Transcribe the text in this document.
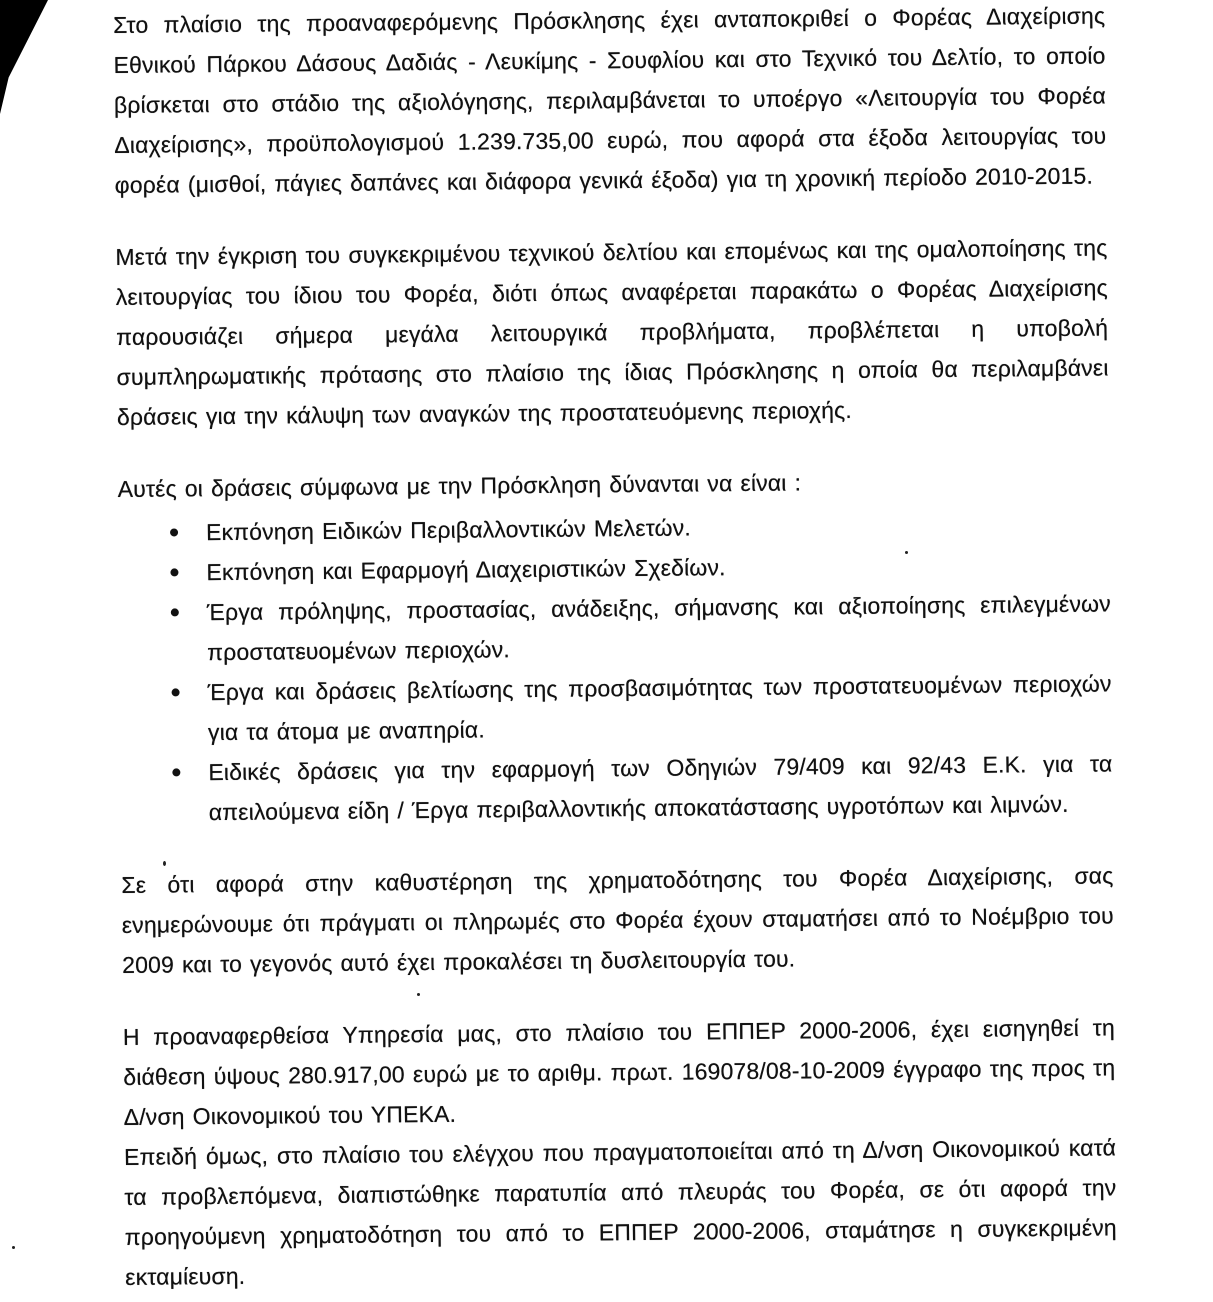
Στο πλαίσιο της προαναφερόμενης Πρόσκλησης έχει ανταποκριθεί ο Φορέας Διαχείρισης Εθνικού Πάρκου Δάσους Δαδιάς - Λευκίμης - Σουφλίου και στο Τεχνικό του Δελτίο, το οποίο βρίσκεται στο στάδιο της αξιολόγησης, περιλαμβάνεται το υποέργο «Λειτουργία του Φορέα Διαχείρισης», προϋπολογισμού 1.239.735,00 ευρώ, που αφορά στα έξοδα λειτουργίας του φορέα (μισθοί, πάγιες δαπάνες και διάφορα γενικά έξοδα) για τη χρονική περίοδο 2010-2015.

Μετά την έγκριση του συγκεκριμένου τεχνικού δελτίου και επομένως και της ομαλοποίησης της λειτουργίας του ίδιου του Φορέα, διότι όπως αναφέρεται παρακάτω ο Φορέας Διαχείρισης παρουσιάζει σήμερα μεγάλα λειτουργικά προβλήματα, προβλέπεται η υποβολή συμπληρωματικής πρότασης στο πλαίσιο της ίδιας Πρόσκλησης η οποία θα περιλαμβάνει δράσεις για την κάλυψη των αναγκών της προστατευόμενης περιοχής.

Αυτές οι δράσεις σύμφωνα με την Πρόσκληση δύνανται να είναι :

Εκπόνηση Ειδικών Περιβαλλοντικών Μελετών.
Εκπόνηση και Εφαρμογή Διαχειριστικών Σχεδίων.
Έργα πρόληψης, προστασίας, ανάδειξης, σήμανσης και αξιοποίησης επιλεγμένων προστατευομένων περιοχών.
Έργα και δράσεις βελτίωσης της προσβασιμότητας των προστατευομένων περιοχών για τα άτομα με αναπηρία.
Ειδικές δράσεις για την εφαρμογή των Οδηγιών 79/409 και 92/43 Ε.Κ. για τα απειλούμενα είδη / Έργα περιβαλλοντικής αποκατάστασης υγροτόπων και λιμνών.

Σε ότι αφορά στην καθυστέρηση της χρηματοδότησης του Φορέα Διαχείρισης, σας ενημερώνουμε ότι πράγματι οι πληρωμές στο Φορέα έχουν σταματήσει από το Νοέμβριο του 2009 και το γεγονός αυτό έχει προκαλέσει τη δυσλειτουργία του.

Η προαναφερθείσα Υπηρεσία μας, στο πλαίσιο του ΕΠΠΕΡ 2000-2006, έχει εισηγηθεί τη διάθεση ύψους 280.917,00 ευρώ με το αριθμ. πρωτ. 169078/08-10-2009 έγγραφο της προς τη Δ/νση Οικονομικού του ΥΠΕΚΑ.

Επειδή όμως, στο πλαίσιο του ελέγχου που πραγματοποιείται από τη Δ/νση Οικονομικού κατά τα προβλεπόμενα, διαπιστώθηκε παρατυπία από πλευράς του Φορέα, σε ότι αφορά την προηγούμενη χρηματοδότηση του από το ΕΠΠΕΡ 2000-2006, σταμάτησε η συγκεκριμένη εκταμίευση.
